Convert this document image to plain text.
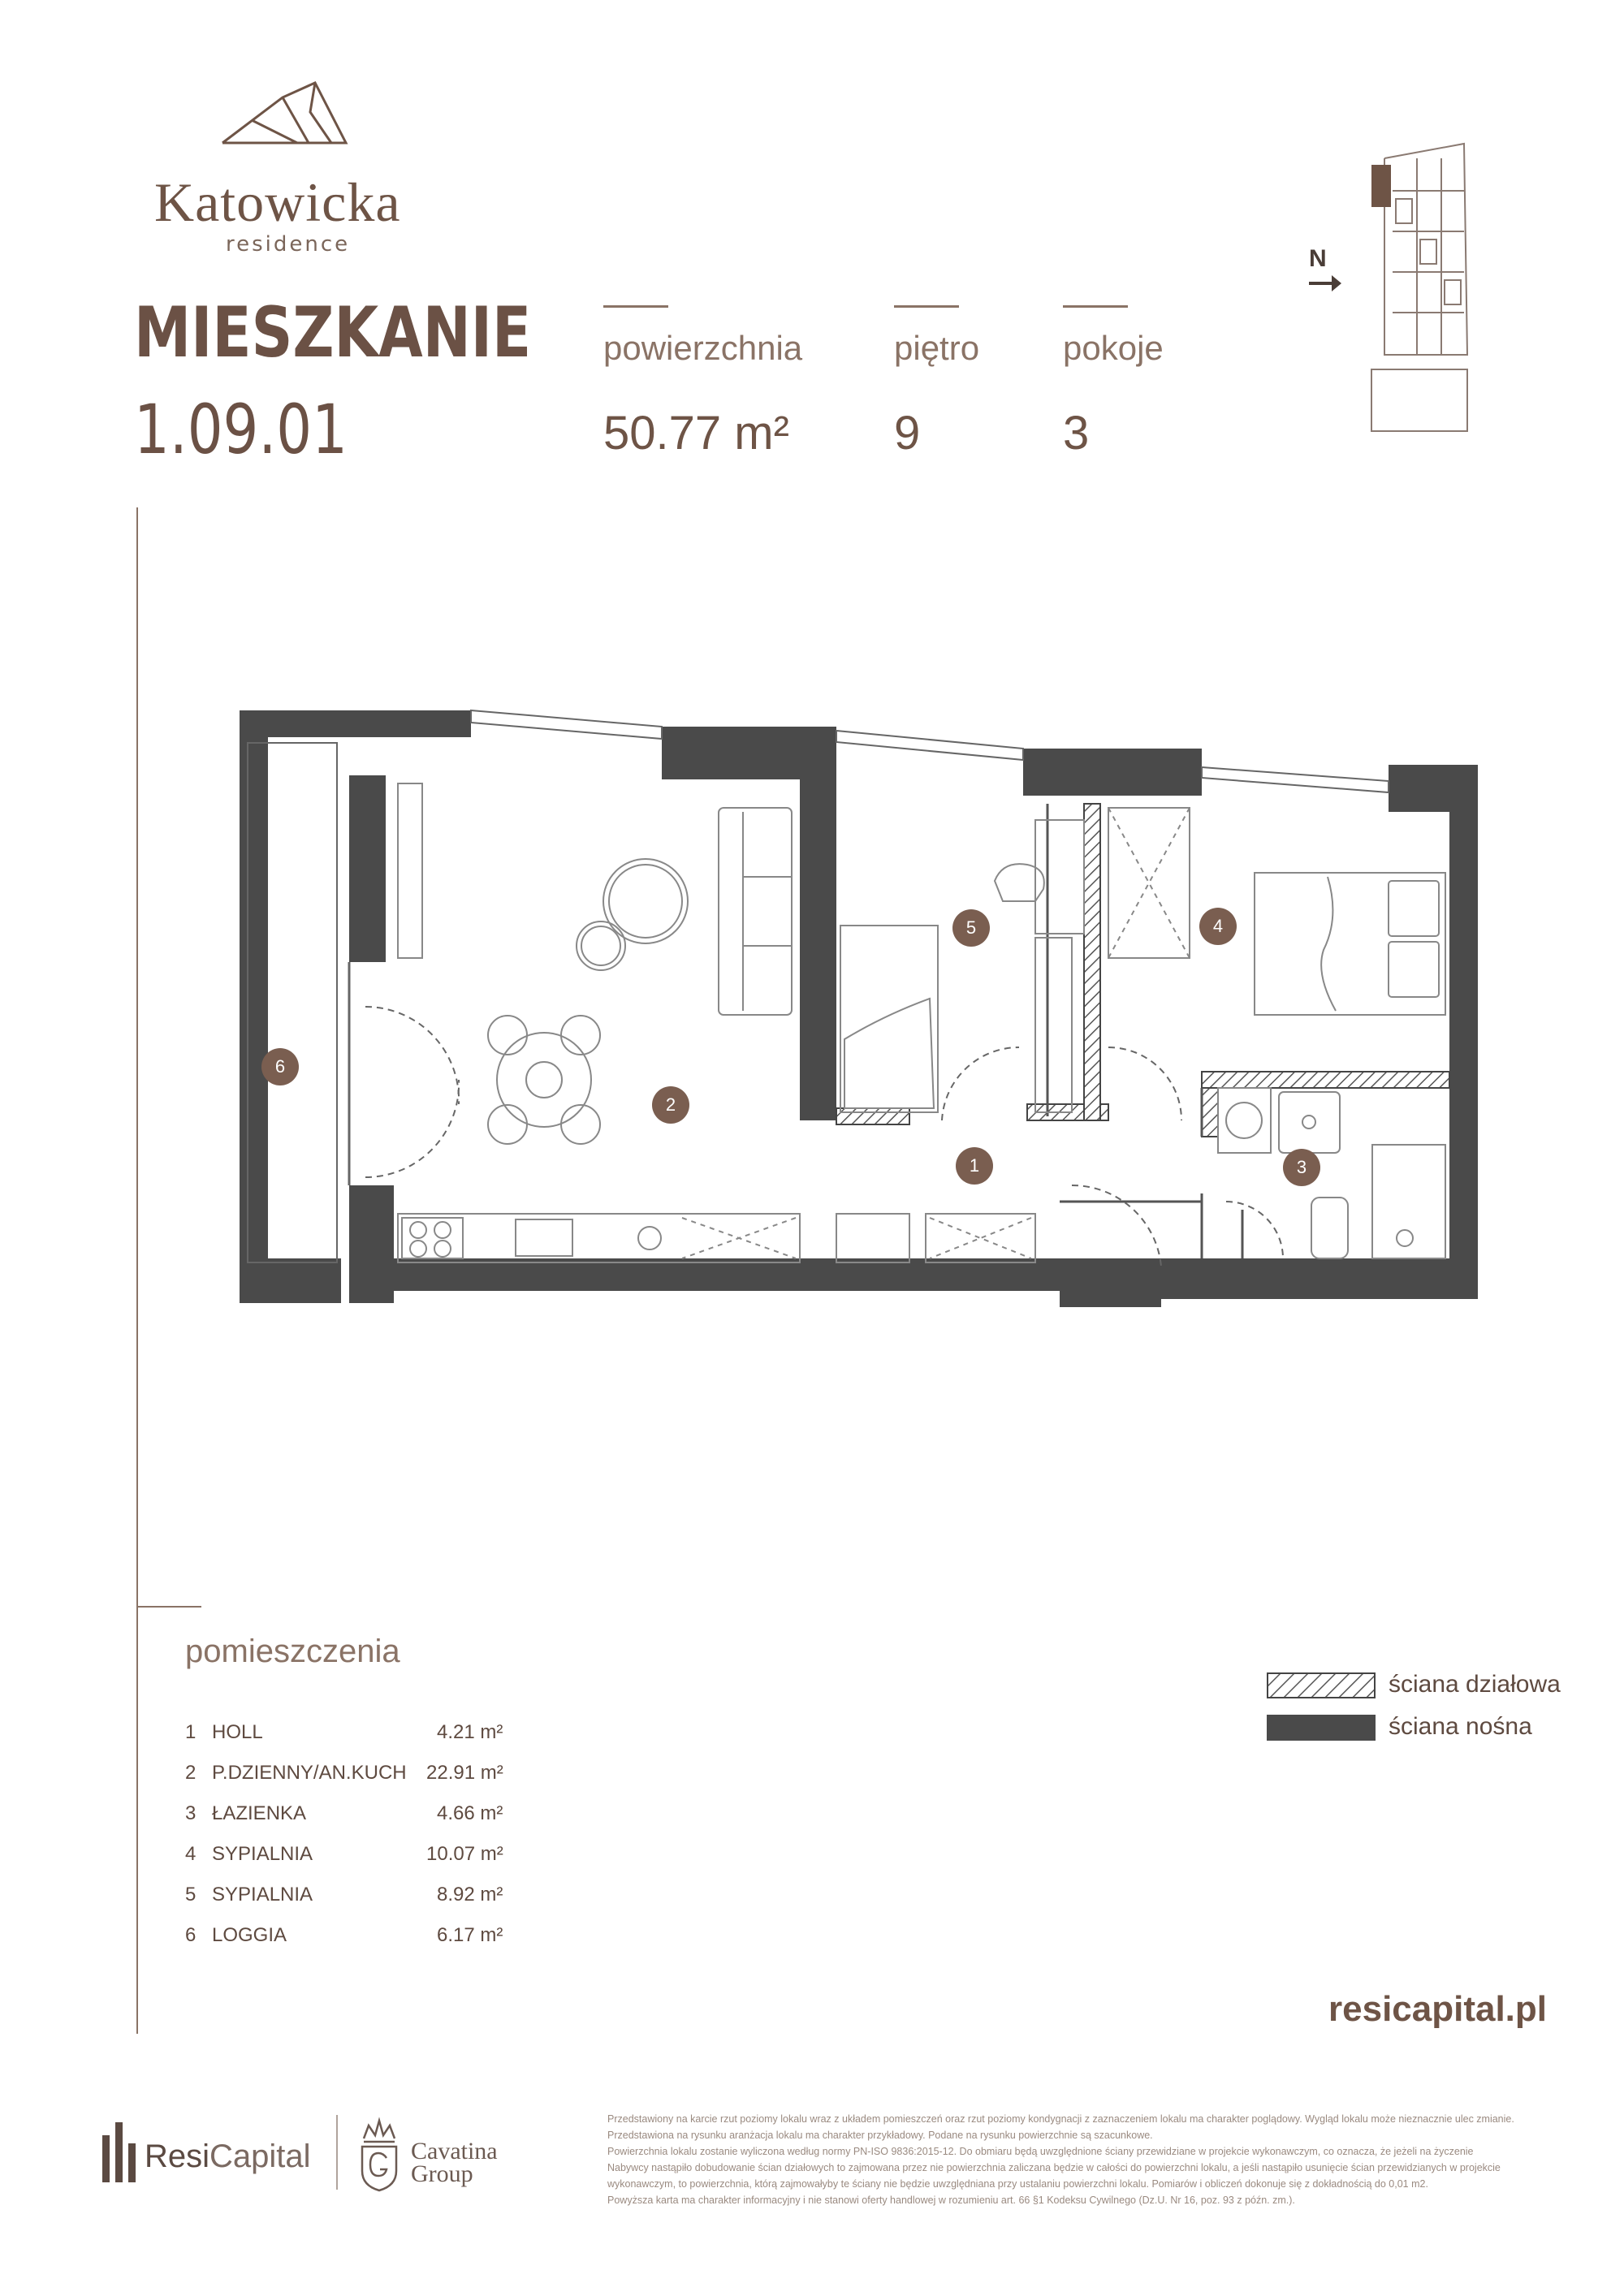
Katowicka
residence
MIESZKANIE
1.09.01
powierzchnia
50.77 m²
piętro
9
pokoje
3
N
1
2
3
4
5
6
pomieszczenia
1 HOLL	4.21 m²
2 P.DZIENNY/AN.KUCH 22.91 m²
3 ŁAZIENKA	4.66 m²
4 SYPIALNIA	10.07 m²
5 SYPIALNIA	8.92 m²
6 LOGGIA	6.17 m²
ściana działowa
ściana nośna
resicapital.pl
ResiCapital	Cavatina
Group
Przedstawiony na karcie rzut poziomy lokalu wraz z układem pomieszczeń oraz rzut poziomy kondygnacji z zaznaczeniem lokalu ma charakter poglądowy. Wygląd lokalu może nieznacznie ulec zmianie.
Przedstawiona na rysunku aranżacja lokalu ma charakter przykładowy. Podane na rysunku powierzchnie są szacunkowe.
Powierzchnia lokalu zostanie wyliczona według normy PN-ISO 9836:2015-12. Do obmiaru będą uwzględnione ściany przewidziane w projekcie wykonawczym, co oznacza, że jeżeli na życzenie
Nabywcy nastąpiło dobudowanie ścian działowych to zajmowana przez nie powierzchnia zaliczana będzie w całości do powierzchni lokalu, a jeśli nastąpiło usunięcie ścian przewidzianych w projekcie
wykonawczym, to powierzchnia, którą zajmowałyby te ściany nie będzie uwzględniana przy ustalaniu powierzchni lokalu. Pomiarów i obliczeń dokonuje się z dokładnością do 0,01 m2.
Powyższa karta ma charakter informacyjny i nie stanowi oferty handlowej w rozumieniu art. 66 §1 Kodeksu Cywilnego (Dz.U. Nr 16, poz. 93 z późn. zm.).
